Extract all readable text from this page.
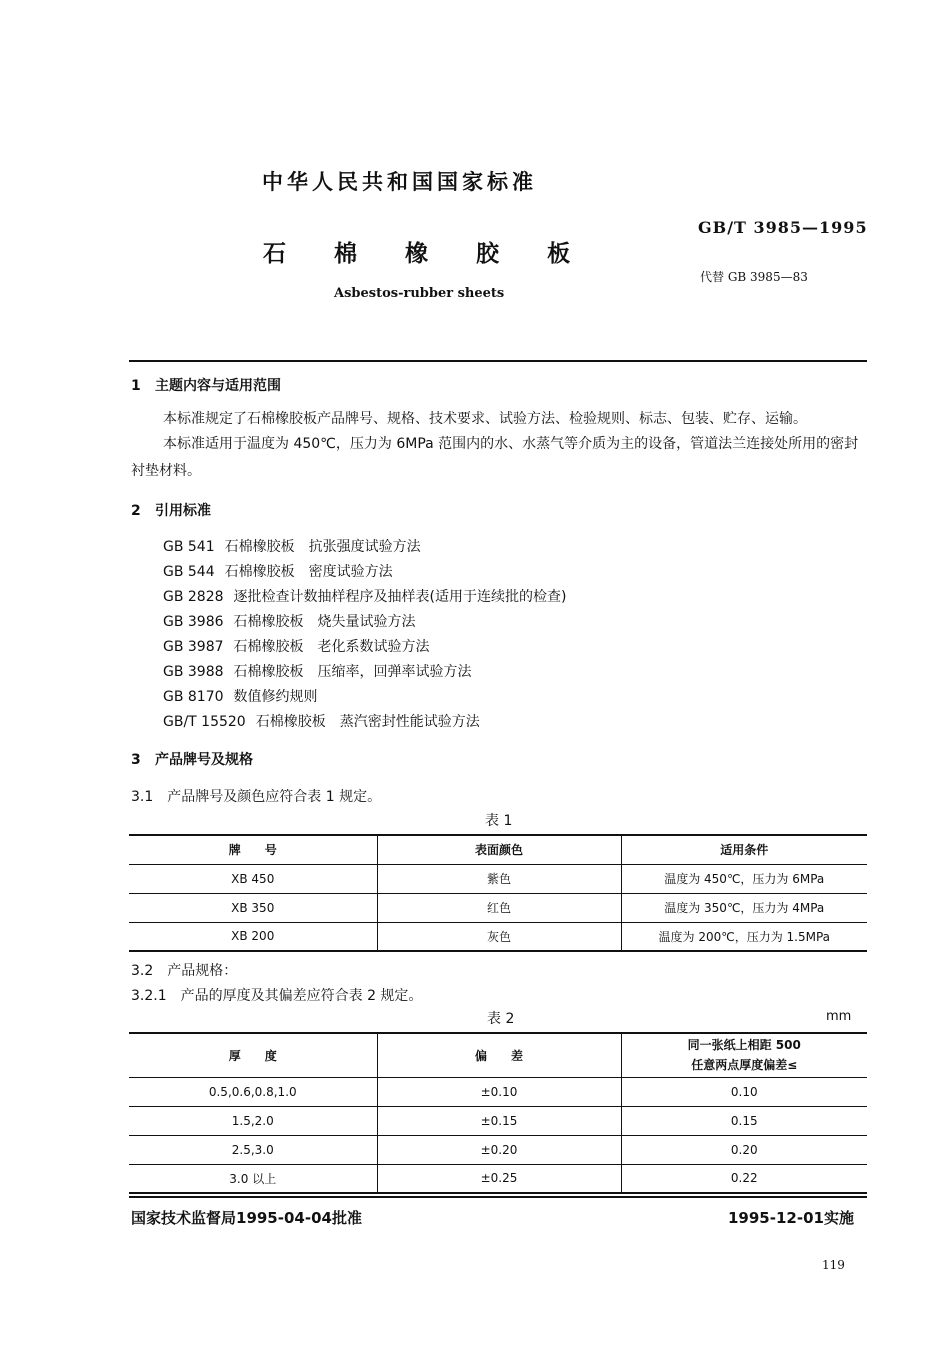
中华人民共和国国家标准
GB/T 3985—1995
石 棉 橡 胶 板
代替 GB 3985—83
Asbestos-rubber sheets
1 主题内容与适用范围
本标准规定了石棉橡胶板产品牌号、规格、技术要求、试验方法、检验规则、标志、包装、贮存、运输。
本标准适用于温度为 450℃，压力为 6MPa 范围内的水、水蒸气等介质为主的设备，管道法兰连接处所用的密封衬垫材料。
2 引用标准
GB 541 石棉橡胶板 抗张强度试验方法
GB 544 石棉橡胶板 密度试验方法
GB 2828 逐批检查计数抽样程序及抽样表(适用于连续批的检查)
GB 3986 石棉橡胶板 烧失量试验方法
GB 3987 石棉橡胶板 老化系数试验方法
GB 3988 石棉橡胶板 压缩率，回弹率试验方法
GB 8170 数值修约规则
GB/T 15520 石棉橡胶板 蒸汽密封性能试验方法
3 产品牌号及规格
3.1　产品牌号及颜色应符合表 1 规定。
表 1
牌　　号	表面颜色	适用条件
XB 450	紫色	温度为 450℃，压力为 6MPa
XB 350	红色	温度为 350℃，压力为 4MPa
XB 200	灰色	温度为 200℃，压力为 1.5MPa
3.2　产品规格：
3.2.1　产品的厚度及其偏差应符合表 2 规定。
表 2	mm
厚　　度	偏　　差	同一张纸上相距 500
任意两点厚度偏差≤

0.5,0.6,0.8,1.0	±0.10	0.10
1.5,2.0	±0.15	0.15
2.5,3.0	±0.20	0.20
3.0 以上	±0.25	0.22
国家技术监督局1995-04-04批准	1995-12-01实施
119
